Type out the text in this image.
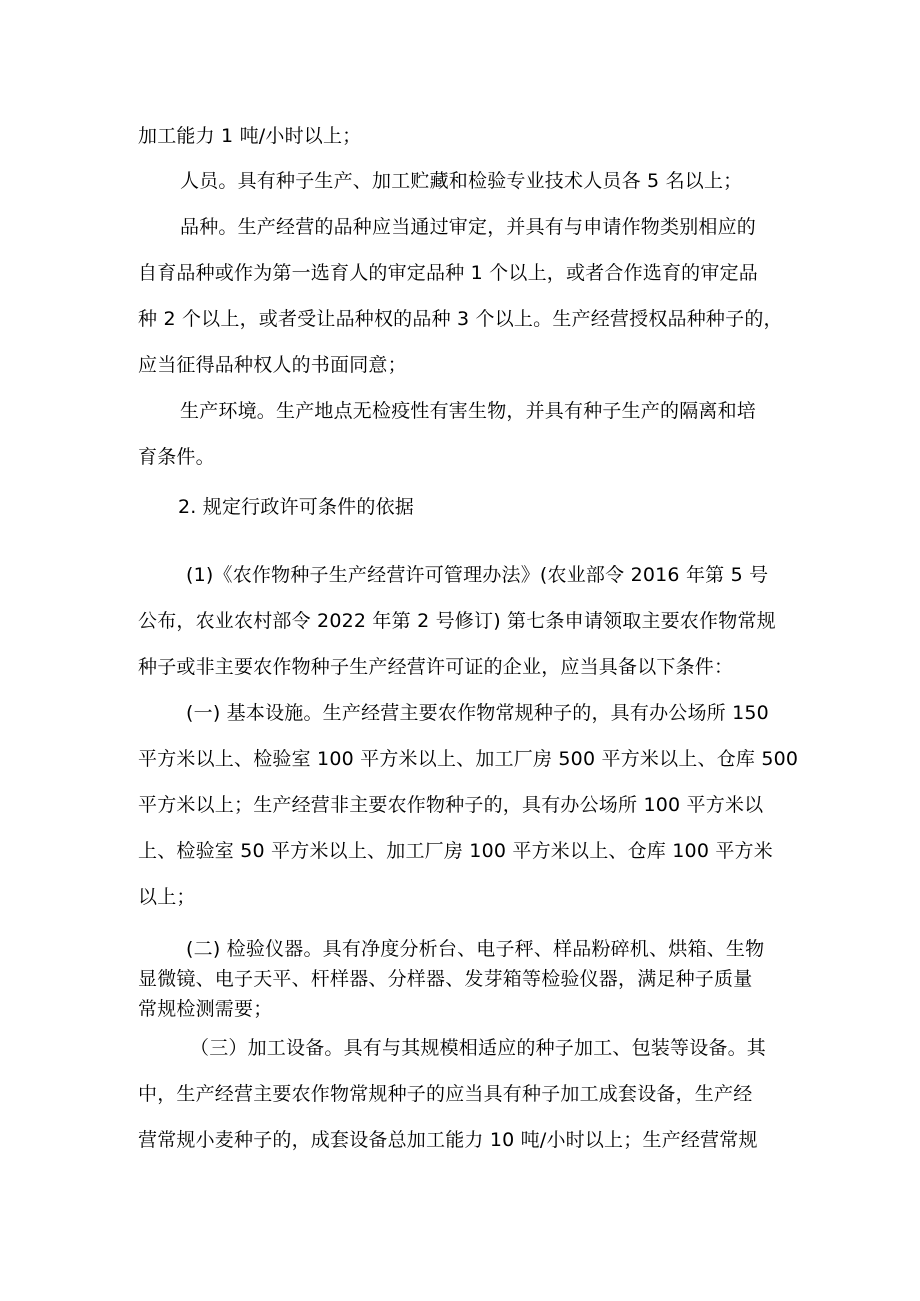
加工能力 1 吨/小时以上；
人员。具有种子生产、加工贮藏和检验专业技术人员各 5 名以上；
品种。生产经营的品种应当通过审定，并具有与申请作物类别相应的
自育品种或作为第一选育人的审定品种 1 个以上，或者合作选育的审定品
种 2 个以上，或者受让品种权的品种 3 个以上。生产经营授权品种种子的，
应当征得品种权人的书面同意；
生产环境。生产地点无检疫性有害生物，并具有种子生产的隔离和培
育条件。
2. 规定行政许可条件的依据
(1)《农作物种子生产经营许可管理办法》(农业部令 2016 年第 5 号
公布，农业农村部令 2022 年第 2 号修订) 第七条申请领取主要农作物常规
种子或非主要农作物种子生产经营许可证的企业，应当具备以下条件：
(一) 基本设施。生产经营主要农作物常规种子的，具有办公场所 150
平方米以上、检验室 100 平方米以上、加工厂房 500 平方米以上、仓库 500
平方米以上；生产经营非主要农作物种子的，具有办公场所 100 平方米以
上、检验室 50 平方米以上、加工厂房 100 平方米以上、仓库 100 平方米
以上；
(二) 检验仪器。具有净度分析台、电子秤、样品粉碎机、烘箱、生物
显微镜、电子天平、杆样器、分样器、发芽箱等检验仪器，满足种子质量
常规检测需要；
（三）加工设备。具有与其规模相适应的种子加工、包装等设备。其
中，生产经营主要农作物常规种子的应当具有种子加工成套设备，生产经
营常规小麦种子的，成套设备总加工能力 10 吨/小时以上；生产经营常规
